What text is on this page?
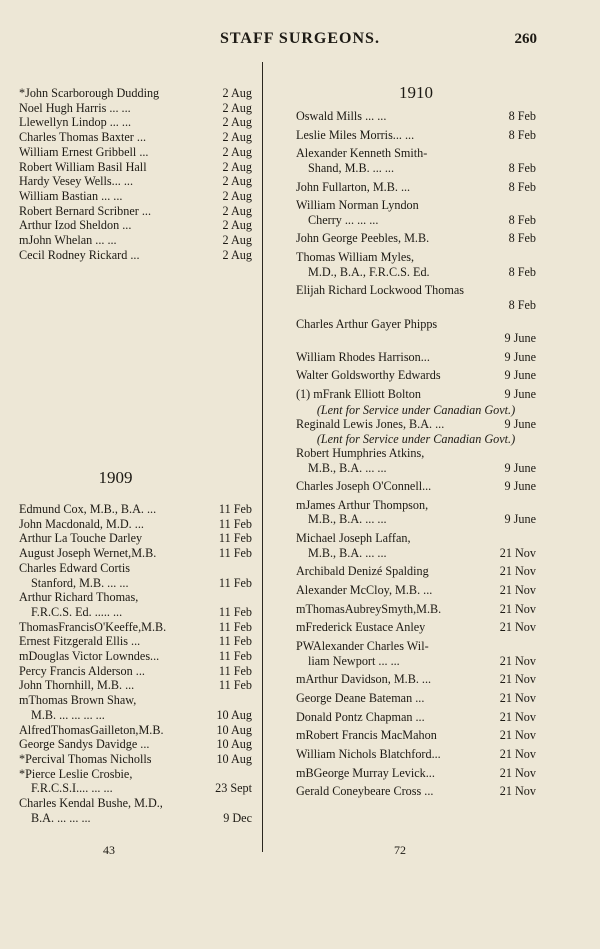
STAFF SURGEONS.	260
*John Scarborough Dudding	2 Aug
Noel Hugh Harris ... ...	2 Aug
Llewellyn Lindop ... ...	2 Aug
Charles Thomas Baxter ...	2 Aug
William Ernest Gribbell ...	2 Aug
Robert William Basil Hall	2 Aug
Hardy Vesey Wells... ...	2 Aug
William Bastian ... ...	2 Aug
Robert Bernard Scribner ...	2 Aug
Arthur Izod Sheldon ...	2 Aug
mJohn Whelan ... ...	2 Aug
Cecil Rodney Rickard ...	2 Aug
1909
Edmund Cox, M.B., B.A. ...	11 Feb
John Macdonald, M.D. ...	11 Feb
Arthur La Touche Darley	11 Feb
August Joseph Wernet,M.B.	11 Feb
Charles Edward Cortis
Stanford, M.B. ... ...	11 Feb
Arthur Richard Thomas,
F.R.C.S. Ed. ..... ...	11 Feb
ThomasFrancisO'Keeffe,M.B.	11 Feb
Ernest Fitzgerald Ellis ...	11 Feb
mDouglas Victor Lowndes...	11 Feb
Percy Francis Alderson ...	11 Feb
John Thornhill, M.B. ...	11 Feb
mThomas Brown Shaw,
M.B. ... ... ... ...	10 Aug
AlfredThomasGailleton,M.B.	10 Aug
George Sandys Davidge ...	10 Aug
*Percival Thomas Nicholls	10 Aug
*Pierce Leslie Crosbie,
F.R.C.S.I.... ... ...	23 Sept
Charles Kendal Bushe, M.D.,
B.A. ... ... ...	9 Dec
1910
Oswald Mills ... ...	8 Feb
Leslie Miles Morris... ...	8 Feb
Alexander Kenneth Smith-
Shand, M.B. ... ...	8 Feb
John Fullarton, M.B. ...	8 Feb
William Norman Lyndon
Cherry ... ... ...	8 Feb
John George Peebles, M.B.	8 Feb
Thomas William Myles,
M.D., B.A., F.R.C.S. Ed.	8 Feb
Elijah Richard Lockwood Thomas
8 Feb
Charles Arthur Gayer Phipps
9 June
William Rhodes Harrison...	9 June
Walter Goldsworthy Edwards	9 June
(1) mFrank Elliott Bolton	9 June
(Lent for Service under Canadian Govt.)
Reginald Lewis Jones, B.A. ...	9 June
(Lent for Service under Canadian Govt.)
Robert Humphries Atkins,
M.B., B.A. ... ...	9 June
Charles Joseph O'Connell...	9 June
mJames Arthur Thompson,
M.B., B.A. ... ...	9 June
Michael Joseph Laffan,
M.B., B.A. ... ...	21 Nov
Archibald Denizé Spalding	21 Nov
Alexander McCloy, M.B. ...	21 Nov
mThomasAubreySmyth,M.B.	21 Nov
mFrederick Eustace Anley	21 Nov
PWAlexander Charles Wil-
liam Newport ... ...	21 Nov
mArthur Davidson, M.B. ...	21 Nov
George Deane Bateman ...	21 Nov
Donald Pontz Chapman ...	21 Nov
mRobert Francis MacMahon	21 Nov
William Nichols Blatchford...	21 Nov
mBGeorge Murray Levick...	21 Nov
Gerald Coneybeare Cross ...	21 Nov
43	72
